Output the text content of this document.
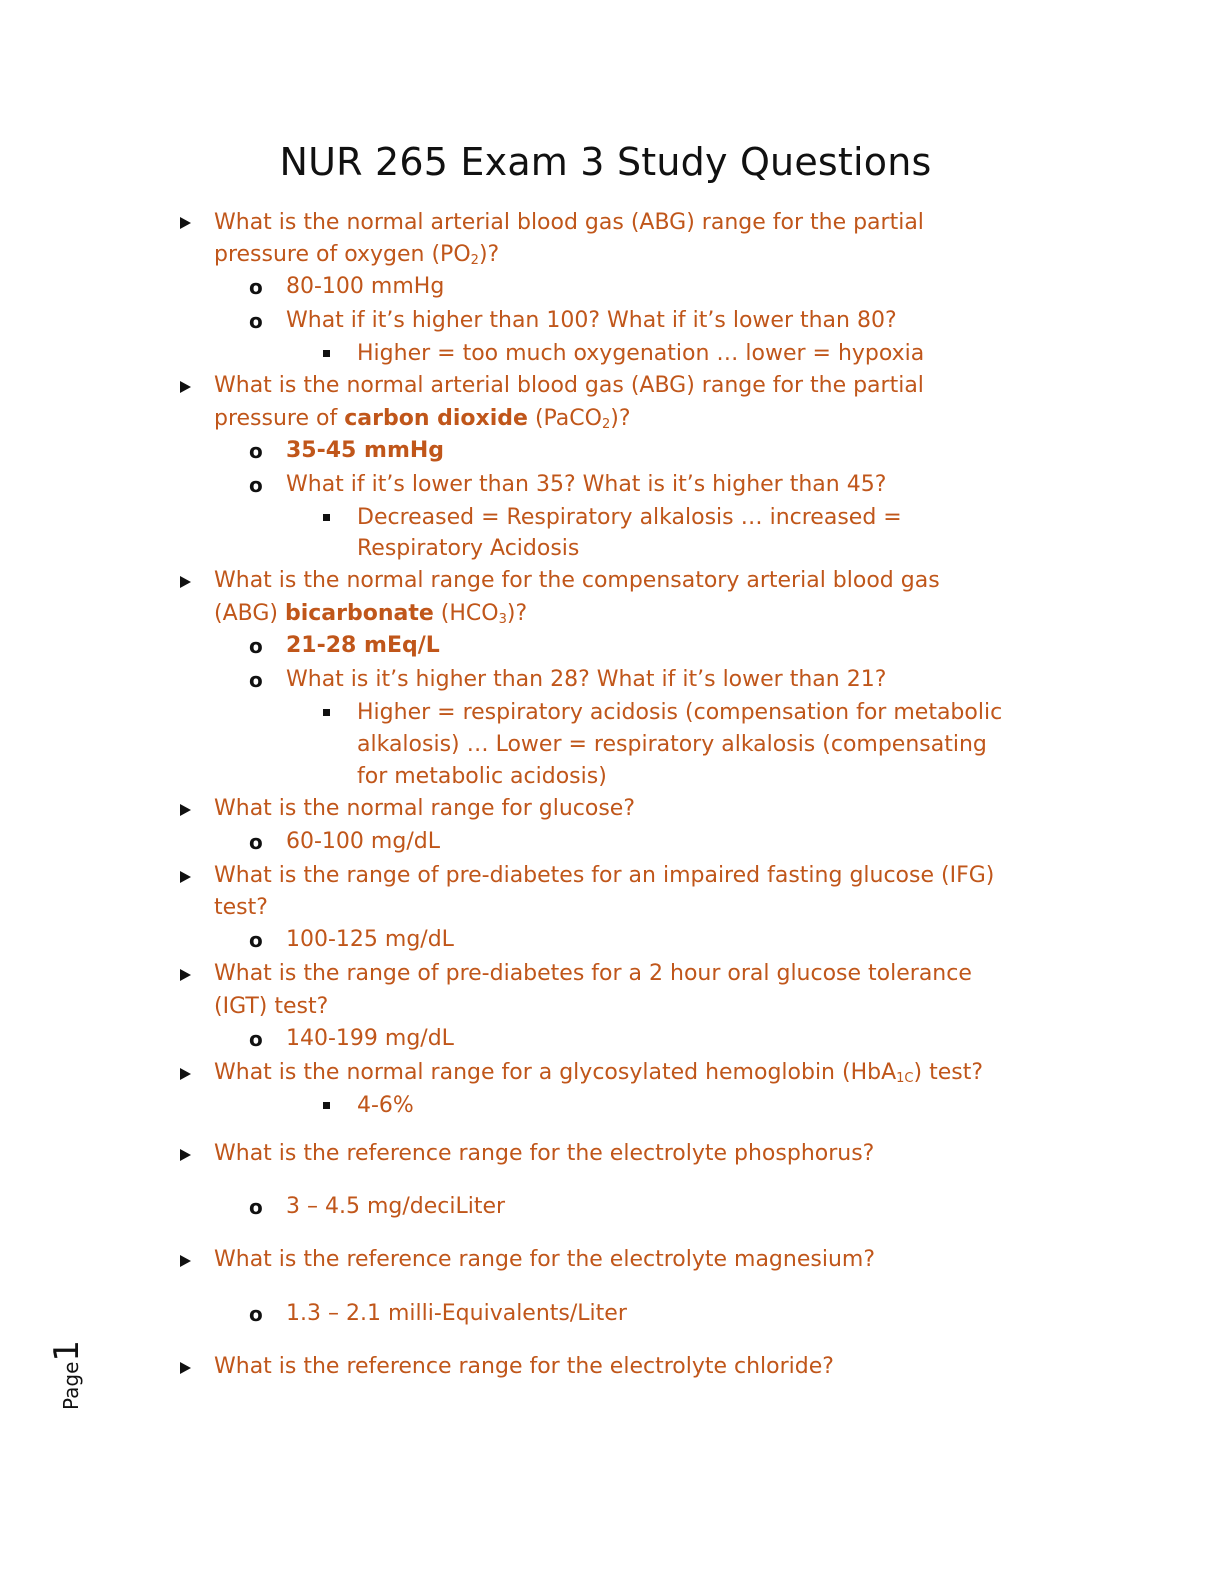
NUR 265 Exam 3 Study Questions
What is the normal arterial blood gas (ABG) range for the partial
pressure of oxygen $(PO_2)$?
o 80-100 mmHg
o What if it’s higher than 100? What if it’s lower than 80?
Higher = too much oxygenation … lower = hypoxia
What is the normal arterial blood gas (ABG) range for the partial
pressure of carbon dioxide (PaCO$_2$)?
o 35-45 mmHg
o What if it’s lower than 35? What is it’s higher than 45?
Decreased = Respiratory alkalosis … increased =
Respiratory Acidosis
What is the normal range for the compensatory arterial blood gas
(ABG) bicarbonate $(HCO_3)$?
o 21-28 mEq/L
o What is it’s higher than 28? What if it’s lower than 21?
Higher = respiratory acidosis (compensation for metabolic
alkalosis) … Lower = respiratory alkalosis (compensating
for metabolic acidosis)
What is the normal range for glucose?
o 60-100 mg/dL
What is the range of pre-diabetes for an impaired fasting glucose (IFG)
test?
o 100-125 mg/dL
What is the range of pre-diabetes for a 2 hour oral glucose tolerance
(IGT) test?
o 140-199 mg/dL
What is the normal range for a glycosylated hemoglobin (HbA$_{1C}$) test?
4-6%
What is the reference range for the electrolyte phosphorus?
o 3 – 4.5 mg/deciLiter
What is the reference range for the electrolyte magnesium?
o 1.3 – 2.1 milli-Equivalents/Liter
What is the reference range for the electrolyte chloride?
Page1
